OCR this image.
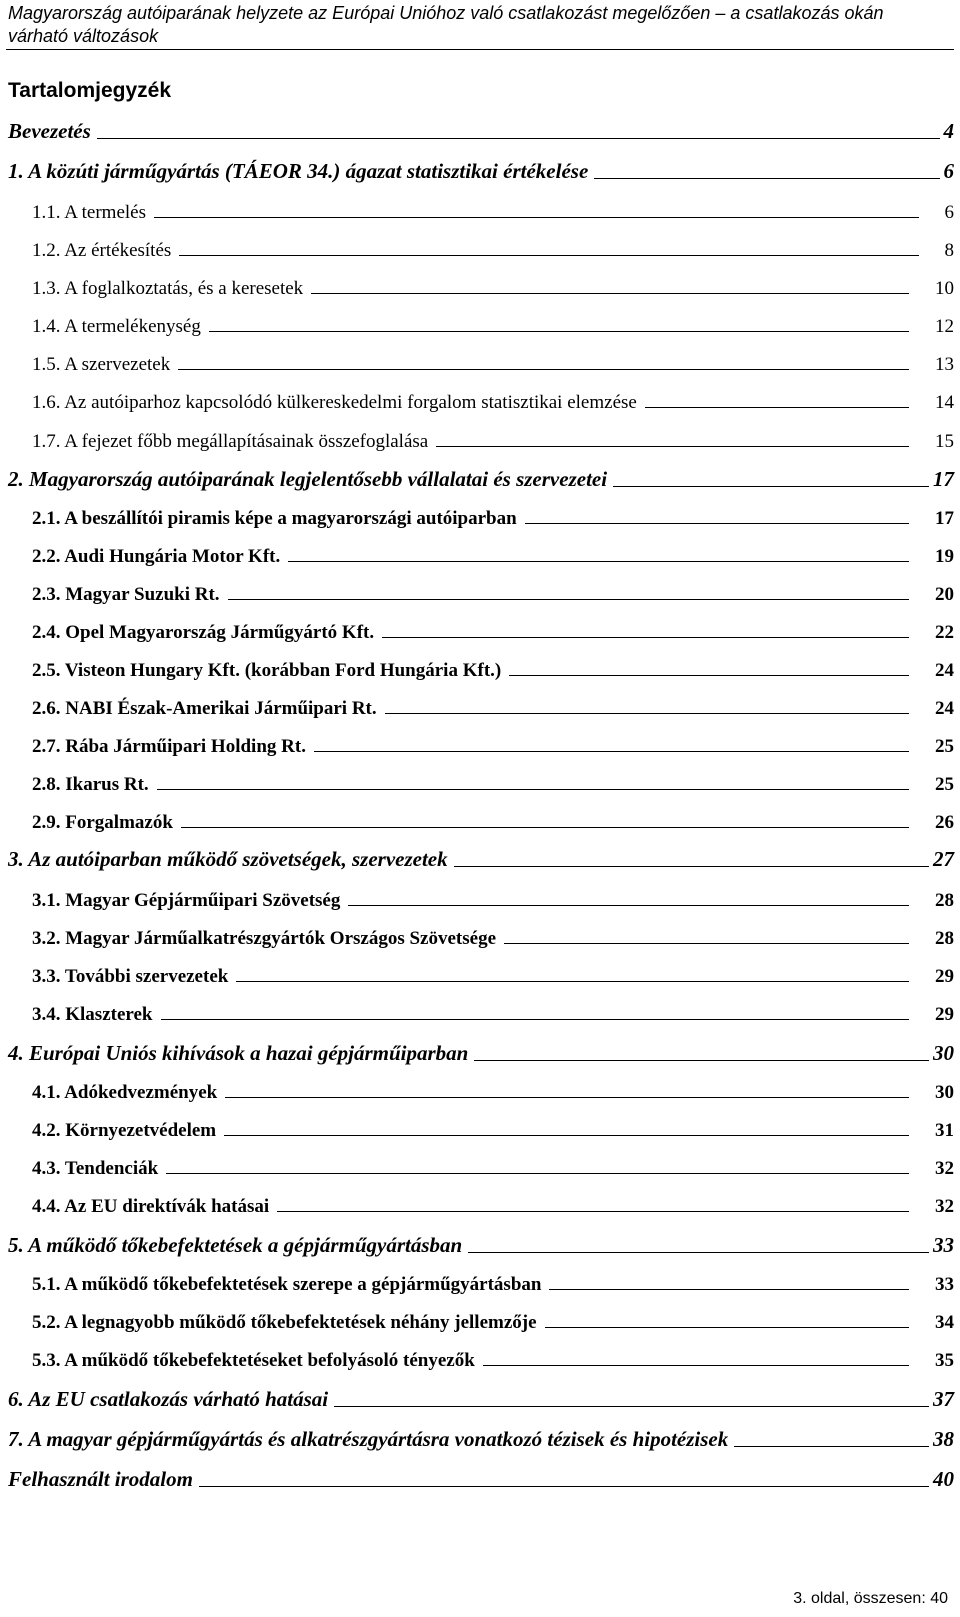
Magyarország autóiparának helyzete az Európai Unióhoz való csatlakozást megelőzően – a csatlakozás okán várható változások
Tartalomjegyzék
Bevezetés	4
1. A közúti járműgyártás (TÁEOR 34.) ágazat statisztikai értékelése	6
1.1. A termelés	6
1.2. Az értékesítés	8
1.3. A foglalkoztatás, és a keresetek	10
1.4. A termelékenység	12
1.5. A szervezetek	13
1.6. Az autóiparhoz kapcsolódó külkereskedelmi forgalom statisztikai elemzése	14
1.7. A fejezet főbb megállapításainak összefoglalása	15
2. Magyarország autóiparának legjelentősebb vállalatai és szervezetei	17
2.1. A beszállítói piramis képe a magyarországi autóiparban	17
2.2. Audi Hungária Motor Kft.	19
2.3. Magyar Suzuki Rt.	20
2.4. Opel Magyarország Járműgyártó Kft.	22
2.5. Visteon Hungary Kft. (korábban Ford Hungária Kft.)	24
2.6. NABI Észak-Amerikai Járműipari Rt.	24
2.7. Rába Járműipari Holding Rt.	25
2.8. Ikarus Rt.	25
2.9. Forgalmazók	26
3. Az autóiparban működő szövetségek, szervezetek	27
3.1. Magyar Gépjárműipari Szövetség	28
3.2. Magyar Járműalkatrészgyártók Országos Szövetsége	28
3.3. További szervezetek	29
3.4. Klaszterek	29
4. Európai Uniós kihívások a hazai gépjárműiparban	30
4.1. Adókedvezmények	30
4.2. Környezetvédelem	31
4.3. Tendenciák	32
4.4. Az EU direktívák hatásai	32
5. A működő tőkebefektetések a gépjárműgyártásban	33
5.1. A működő tőkebefektetések szerepe a gépjárműgyártásban	33
5.2. A legnagyobb működő tőkebefektetések néhány jellemzője	34
5.3. A működő tőkebefektetéseket befolyásoló tényezők	35
6. Az EU csatlakozás várható hatásai	37
7. A magyar gépjárműgyártás és alkatrészgyártásra vonatkozó tézisek és hipotézisek	38
Felhasznált irodalom	40
3. oldal, összesen: 40
